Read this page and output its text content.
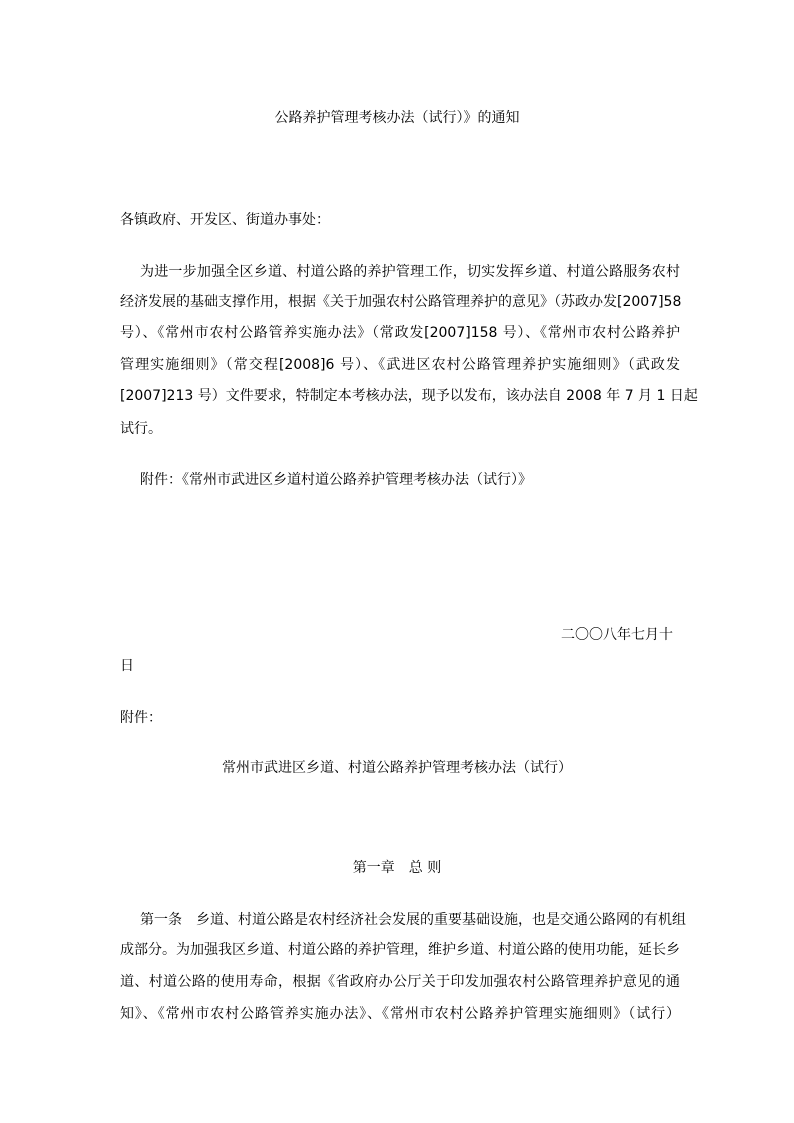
公路养护管理考核办法（试行）》的通知
各镇政府、开发区、街道办事处：
为进一步加强全区乡道、村道公路的养护管理工作，切实发挥乡道、村道公路服务农村
经济发展的基础支撑作用，根据《关于加强农村公路管理养护的意见》（苏政办发[2007]58
号）、《常州市农村公路管养实施办法》（常政发[2007]158 号）、《常州市农村公路养护
管理实施细则》（常交程[2008]6 号）、《武进区农村公路管理养护实施细则》（武政发
[2007]213 号）文件要求，特制定本考核办法，现予以发布，该办法自 2008 年 7 月 1 日起
试行。
附件：《常州市武进区乡道村道公路养护管理考核办法（试行）》
二〇〇八年七月十
日
附件：
常州市武进区乡道、村道公路养护管理考核办法（试行）
第一章　总 则
第一条　乡道、村道公路是农村经济社会发展的重要基础设施，也是交通公路网的有机组
成部分。为加强我区乡道、村道公路的养护管理，维护乡道、村道公路的使用功能，延长乡
道、村道公路的使用寿命，根据《省政府办公厅关于印发加强农村公路管理养护意见的通
知》、《常州市农村公路管养实施办法》、《常州市农村公路养护管理实施细则》（试行）
